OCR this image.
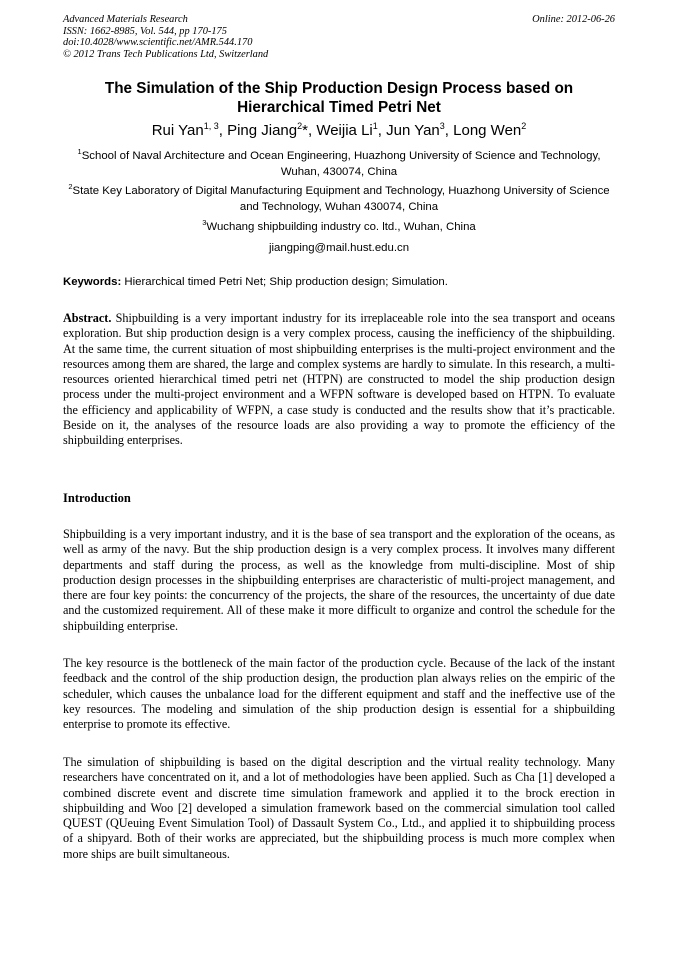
Advanced Materials Research
ISSN: 1662-8985, Vol. 544, pp 170-175
doi:10.4028/www.scientific.net/AMR.544.170
© 2012 Trans Tech Publications Ltd, Switzerland
Online: 2012-06-26
The Simulation of the Ship Production Design Process based on Hierarchical Timed Petri Net
Rui Yan$^{1, 3}$, Ping Jiang$^2$*, Weijia Li$^1$, Jun Yan$^3$, Long Wen$^2$
$^1$School of Naval Architecture and Ocean Engineering, Huazhong University of Science and Technology, Wuhan, 430074, China
$^2$State Key Laboratory of Digital Manufacturing Equipment and Technology, Huazhong University of Science and Technology, Wuhan 430074, China
$^3$Wuchang shipbuilding industry co. ltd., Wuhan, China
jiangping@mail.hust.edu.cn
Keywords: Hierarchical timed Petri Net; Ship production design; Simulation.
Abstract. Shipbuilding is a very important industry for its irreplaceable role into the sea transport and oceans exploration. But ship production design is a very complex process, causing the inefficiency of the shipbuilding. At the same time, the current situation of most shipbuilding enterprises is the multi-project environment and the resources among them are shared, the large and complex systems are hardly to simulate. In this research, a multi-resources oriented hierarchical timed petri net (HTPN) are constructed to model the ship production design process under the multi-project environment and a WFPN software is developed based on HTPN. To evaluate the efficiency and applicability of WFPN, a case study is conducted and the results show that it’s practicable. Beside on it, the analyses of the resource loads are also providing a way to promote the efficiency of the shipbuilding enterprises.
Introduction
Shipbuilding is a very important industry, and it is the base of sea transport and the exploration of the oceans, as well as army of the navy. But the ship production design is a very complex process. It involves many different departments and staff during the process, as well as the knowledge from multi-discipline. Most of ship production design processes in the shipbuilding enterprises are characteristic of multi-project management, and there are four key points: the concurrency of the projects, the share of the resources, the uncertainty of due date and the customized requirement. All of these make it more difficult to organize and control the schedule for the shipbuilding enterprise.
The key resource is the bottleneck of the main factor of the production cycle. Because of the lack of the instant feedback and the control of the ship production design, the production plan always relies on the empiric of the scheduler, which causes the unbalance load for the different equipment and staff and the ineffective use of the key resources. The modeling and simulation of the ship production design is essential for a shipbuilding enterprise to promote its effective.
The simulation of shipbuilding is based on the digital description and the virtual reality technology. Many researchers have concentrated on it, and a lot of methodologies have been applied. Such as Cha [1] developed a combined discrete event and discrete time simulation framework and applied it to the brock erection in shipbuilding and Woo [2] developed a simulation framework based on the commercial simulation tool called QUEST (QUeuing Event Simulation Tool) of Dassault System Co., Ltd., and applied it to shipbuilding process of a shipyard. Both of their works are appreciated, but the shipbuilding process is much more complex when more ships are built simultaneous.
